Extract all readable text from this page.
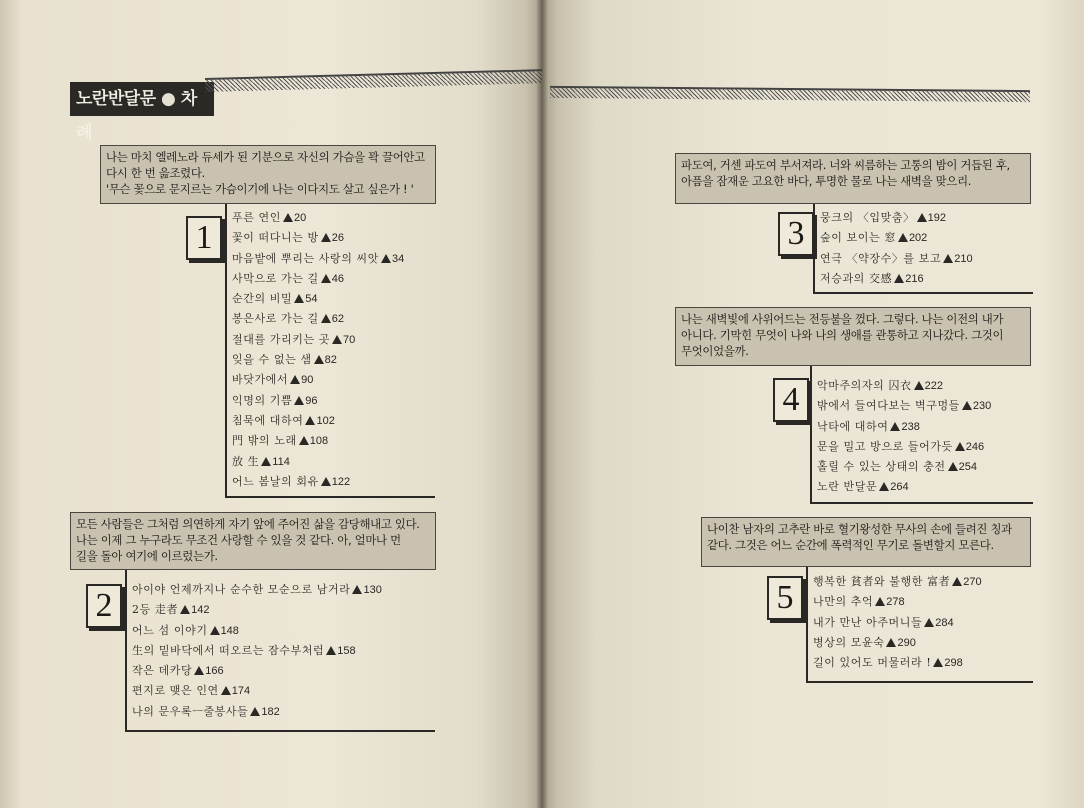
노란반달문 ● 차 례
나는 마치 엘레노라 듀세가 된 기분으로 자신의 가슴을 꽉 끌어안고
다시 한 번 읊조렸다.
'무슨 꽃으로 문지르는 가슴이기에 나는 이다지도 살고 싶은가 ! '
1
푸른 연인 20
꽃이 떠다니는 방 26
마음밭에 뿌리는 사랑의 씨앗 34
사막으로 가는 길 46
순간의 비밀 54
봉은사로 가는 길 62
절대를 가리키는 곳 70
잊을 수 없는 샘 82
바닷가에서 90
익명의 기쁨 96
침묵에 대하여 102
門 밖의 노래 108
放 生 114
어느 봄날의 회유 122
모든 사람들은 그처럼 의연하게 자기 앞에 주어진 삶을 감당해내고 있다.
나는 이제 그 누구라도 무조건 사랑할 수 있을 것 같다. 아, 얼마나 먼
길을 돌아 여기에 이르렀는가.
2	아이야 언제까지나 순수한 모순으로 남거라 130
2등 走者 142
어느 섬 이야기 148
生의 밑바닥에서 떠오르는 잠수부처럼 158
작은 데카당 166
편지로 맺은 인연 174
나의 문우록ㅡ줄봉사들 182
파도여, 거센 파도여 부서져라. 너와 씨름하는 고통의 밤이 거듭된 후,
아픔을 잠재운 고요한 바다, 투명한 물로 나는 새벽을 맞으리.
3	뭉크의 〈입맞춤〉 192
숲이 보이는 窓 202
연극 〈약장수〉를 보고 210
저승과의 交感 216
나는 새벽빛에 사위어드는 전등불을 껐다. 그렇다. 나는 이전의 내가
아니다. 기막힌 무엇이 나와 나의 생애를 관통하고 지나갔다. 그것이
무엇이었을까.
4	악마주의자의 囚衣 222
밖에서 들여다보는 벽구멍들 230
낙타에 대하여 238
문을 밀고 방으로 들어가듯 246
홀릴 수 있는 상태의 충전 254
노란 반달문 264
나이찬 남자의 고추란 바로 혈기왕성한 무사의 손에 들려진 칭과
같다. 그것은 어느 순간에 폭력적인 무기로 돌변할지 모른다.
5	행복한 貧者와 불행한 富者 270
나만의 추억 278
내가 만난 아주머니들 284
병상의 모윤숙 290
길이 있어도 머물러라 ! 298
